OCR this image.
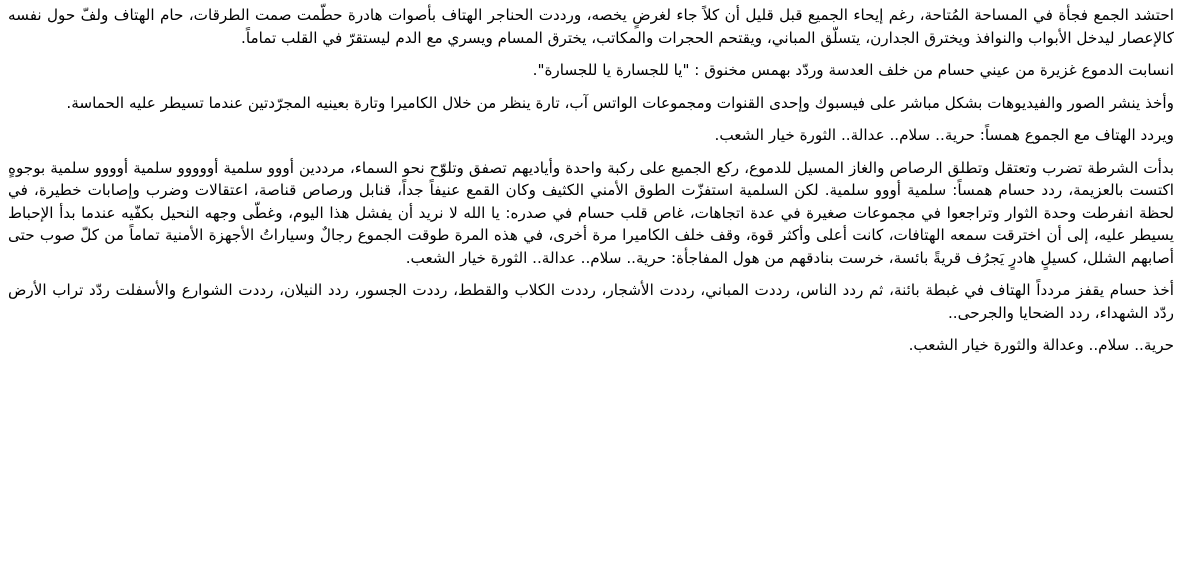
احتشد الجمع فجأة في المساحة المُتاحة، رغم إيحاء الجميع قبل قليل أن كلاً جاء لغرضٍ يخصه، ورددت الحناجر الهتاف بأصوات هادرة حطّمت صمت الطرقات، حام الهتاف ولفّ حول نفسه كالإعصار ليدخل الأبواب والنوافذ ويخترق الجدارن، يتسلّق المباني، ويقتحم الحجرات والمكاتب، يخترق المسام ويسري مع الدم ليستقرّ في القلب تماماً.

انسابت الدموع غزيرة من عيني حسام من خلف العدسة وردّد بهمس مخنوق : "يا للجسارة يا للجسارة".

وأخذ ينشر الصور والفيديوهات بشكل مباشر على فيسبوك وإحدى القنوات ومجموعات الواتس آب، تارة ينظر من خلال الكاميرا وتارة بعينيه المجرّدتين عندما تسيطر عليه الحماسة.

ويردد الهتاف مع الجموع همساً: حرية.. سلام.. عدالة.. الثورة خيار الشعب.

بدأت الشرطة تضرب وتعتقل وتطلق الرصاص والغاز المسيل للدموع، ركع الجميع على ركبة واحدة وأياديهم تصفق وتلوّح نحو السماء، مرددين أووو سلمية أووووو سلمية أوووو سلمية بوجوهٍ اكتست بالعزيمة، ردد حسام همساً: سلمية أووو سلمية. لكن السلمية استفزّت الطوق الأمني الكثيف وكان القمع عنيفاً جداً، قنابل ورصاص قناصة، اعتقالات وضرب وإصابات خطيرة، في لحظة انفرطت وحدة الثوار وتراجعوا في مجموعات صغيرة في عدة اتجاهات، غاص قلب حسام في صدره: يا الله لا نريد أن يفشل هذا اليوم، وغطّى وجهه النحيل بكفّيه عندما بدأ الإحباط يسيطر عليه، إلى أن اخترقت سمعه الهتافات، كانت أعلى وأكثر قوة، وقف خلف الكاميرا مرة أخرى، في هذه المرة طوقت الجموع رجالٌ وسياراتُ الأجهزة الأمنية تماماً من كلّ صوب حتى أصابهم الشلل، كسيلٍ هادرٍ يَجرُف قريةً بائسة، خرست بنادقهم من هول المفاجأة: حرية.. سلام.. عدالة.. الثورة خيار الشعب.

أخذ حسام يقفز مردداً الهتاف في غبطة بائنة، ثم ردد الناس، رددت المباني، رددت الأشجار، رددت الكلاب والقطط، رددت الجسور، ردد النيلان، رددت الشوارع والأسفلت ردّد تراب الأرض ردّد الشهداء، ردد الضحايا والجرحى..

حرية.. سلام.. وعدالة والثورة خيار الشعب.
